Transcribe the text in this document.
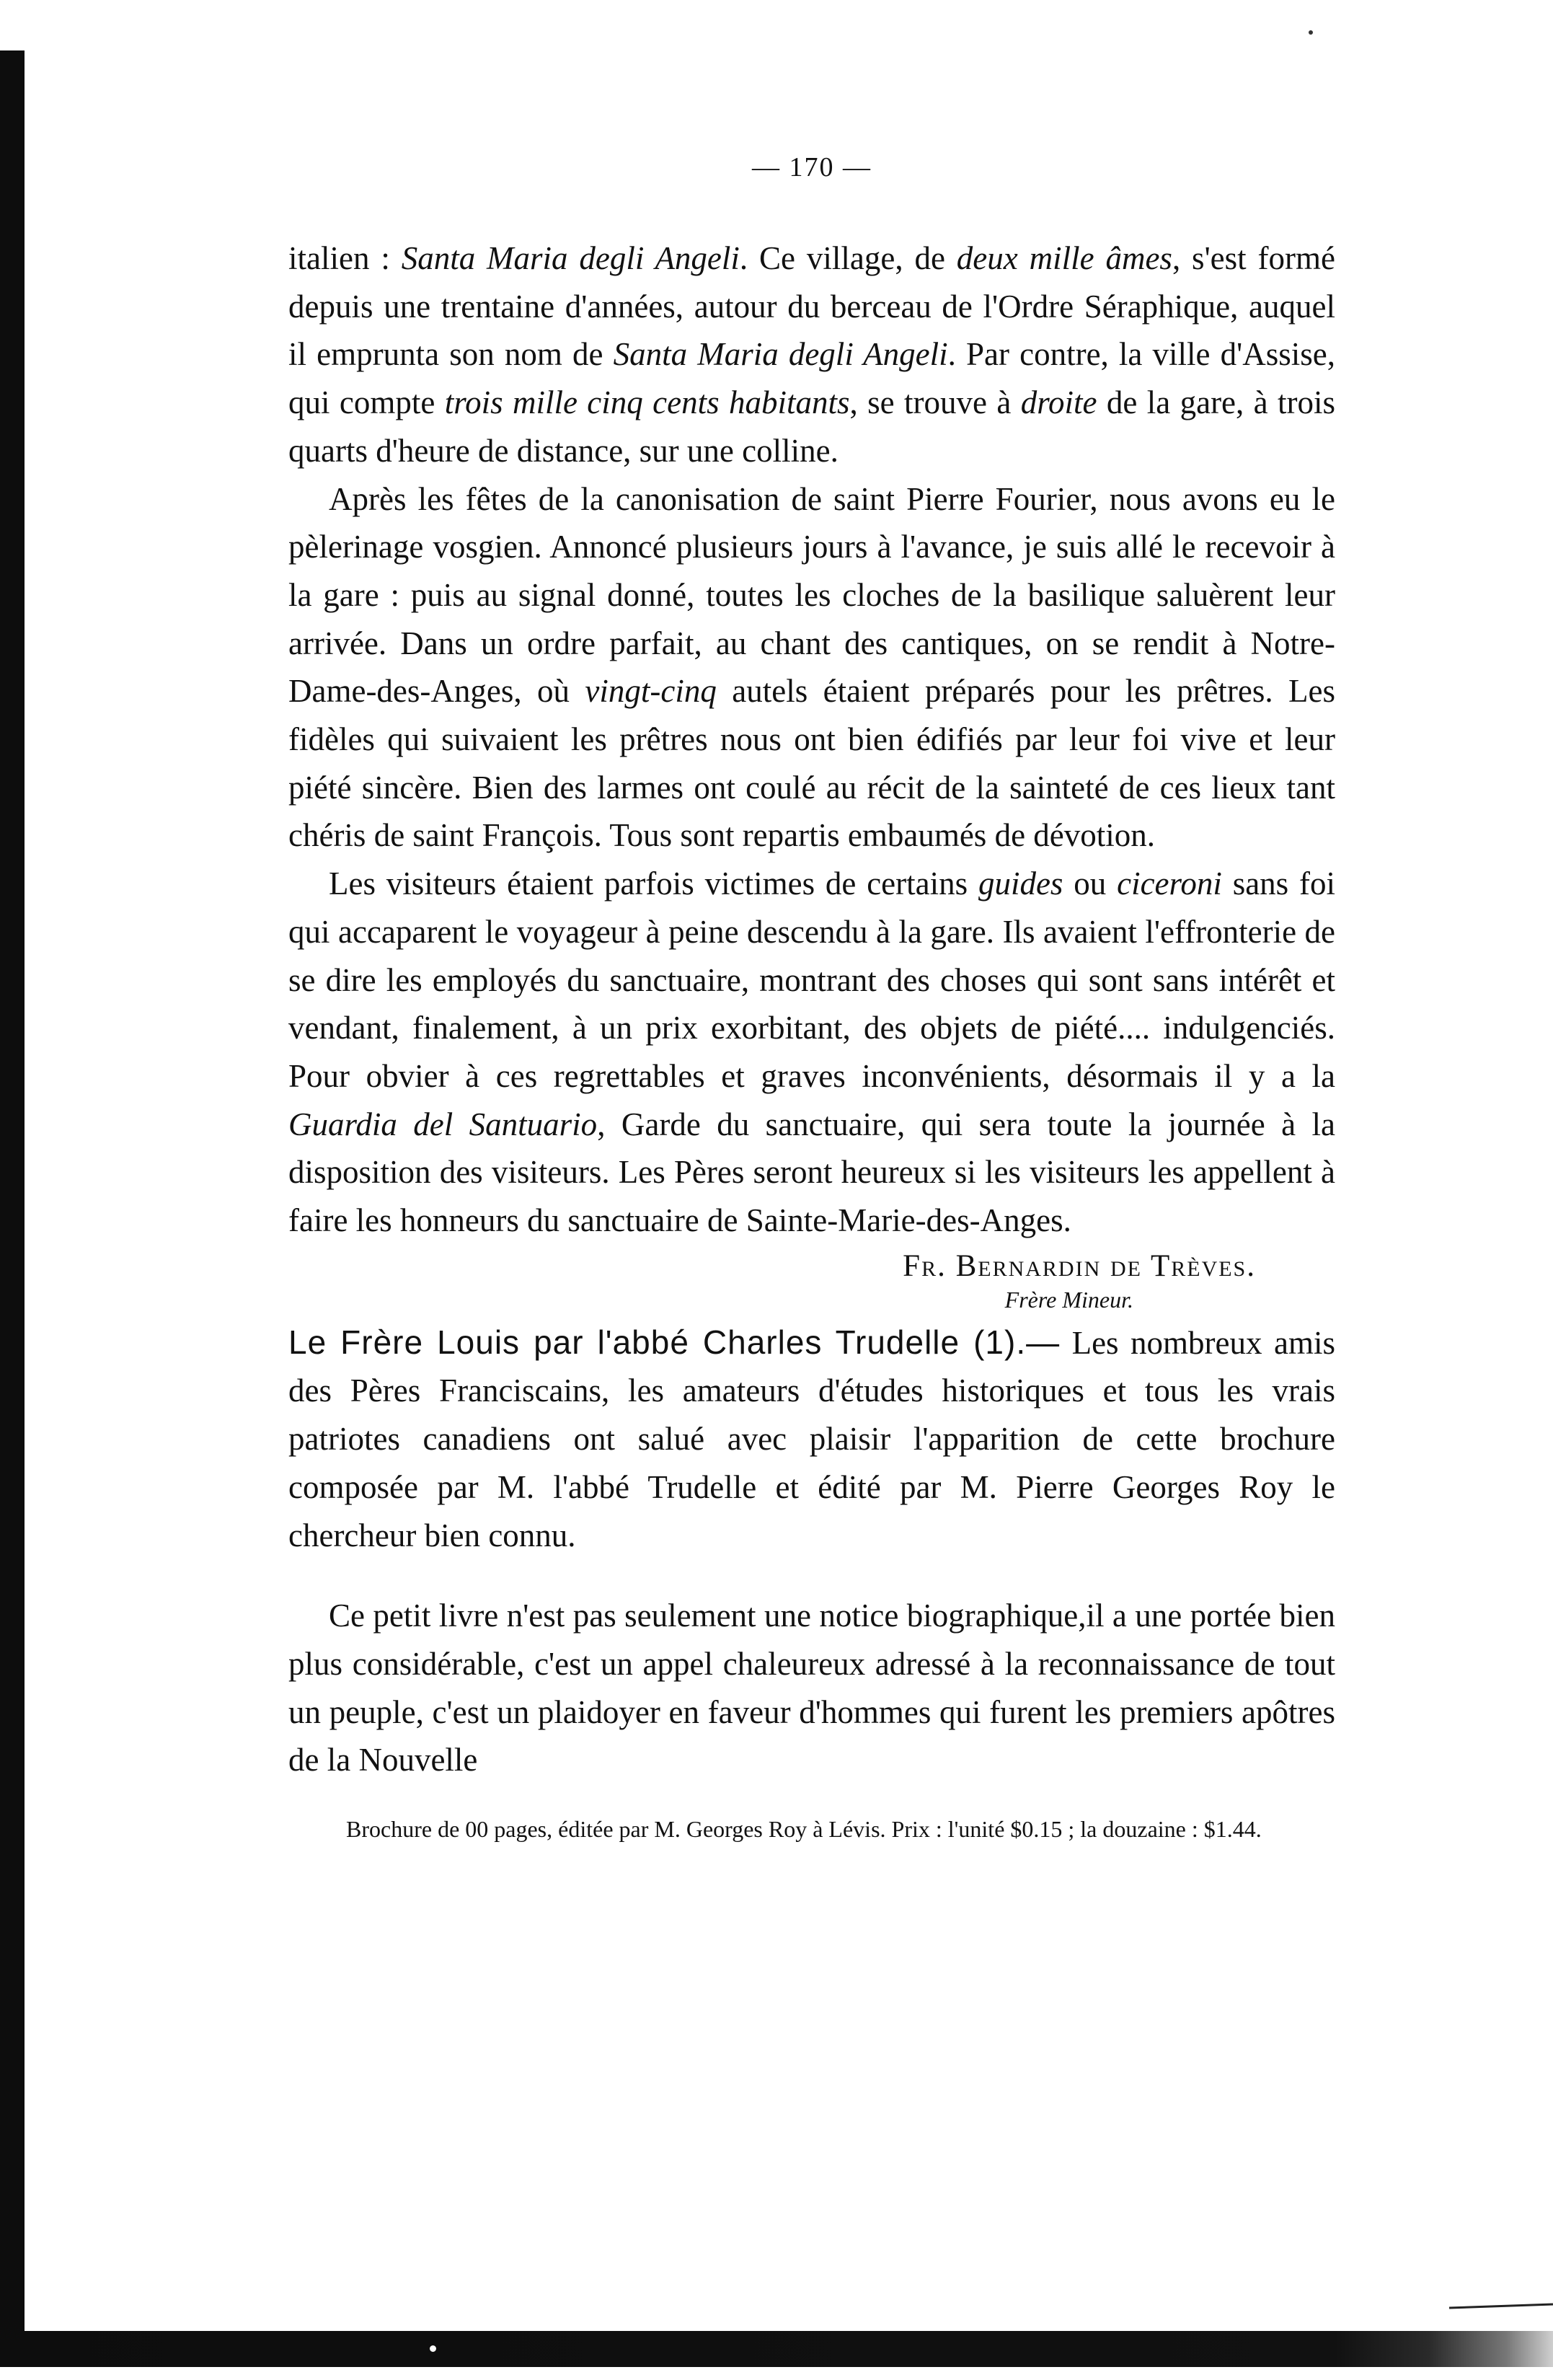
— 170 —

italien : Santa Maria degli Angeli. Ce village, de deux mille âmes, s'est formé depuis une trentaine d'années, autour du berceau de l'Ordre Séraphique, auquel il emprunta son nom de Santa Maria degli Angeli. Par contre, la ville d'Assise, qui compte trois mille cinq cents habitants, se trouve à droite de la gare, à trois quarts d'heure de distance, sur une colline.

Après les fêtes de la canonisation de saint Pierre Fourier, nous avons eu le pèlerinage vosgien. Annoncé plusieurs jours à l'avance, je suis allé le recevoir à la gare : puis au signal donné, toutes les cloches de la basilique saluèrent leur arrivée. Dans un ordre parfait, au chant des cantiques, on se rendit à Notre-Dame-des-Anges, où vingt-cinq autels étaient préparés pour les prêtres. Les fidèles qui suivaient les prêtres nous ont bien édifiés par leur foi vive et leur piété sincère. Bien des larmes ont coulé au récit de la sainteté de ces lieux tant chéris de saint François. Tous sont repartis embaumés de dévotion.

Les visiteurs étaient parfois victimes de certains guides ou ciceroni sans foi qui accaparent le voyageur à peine descendu à la gare. Ils avaient l'effronterie de se dire les employés du sanctuaire, montrant des choses qui sont sans intérêt et vendant, finalement, à un prix exorbitant, des objets de piété.... indulgenciés. Pour obvier à ces regrettables et graves inconvénients, désormais il y a la Guardia del Santuario, Garde du sanctuaire, qui sera toute la journée à la disposition des visiteurs. Les Pères seront heureux si les visiteurs les appellent à faire les honneurs du sanctuaire de Sainte-Marie-des-Anges.

Fr. Bernardin de Trèves.
Frère Mineur.

Le Frère Louis par l'abbé Charles Trudelle (1).— Les nombreux amis des Pères Franciscains, les amateurs d'études historiques et tous les vrais patriotes canadiens ont salué avec plaisir l'apparition de cette brochure composée par M. l'abbé Trudelle et édité par M. Pierre Georges Roy le chercheur bien connu.

Ce petit livre n'est pas seulement une notice biographique,il a une portée bien plus considérable, c'est un appel chaleureux adressé à la reconnaissance de tout un peuple, c'est un plaidoyer en faveur d'hommes qui furent les premiers apôtres de la Nouvelle

Brochure de 00 pages, éditée par M. Georges Roy à Lévis. Prix : l'unité $0.15 ; la douzaine : $1.44.
